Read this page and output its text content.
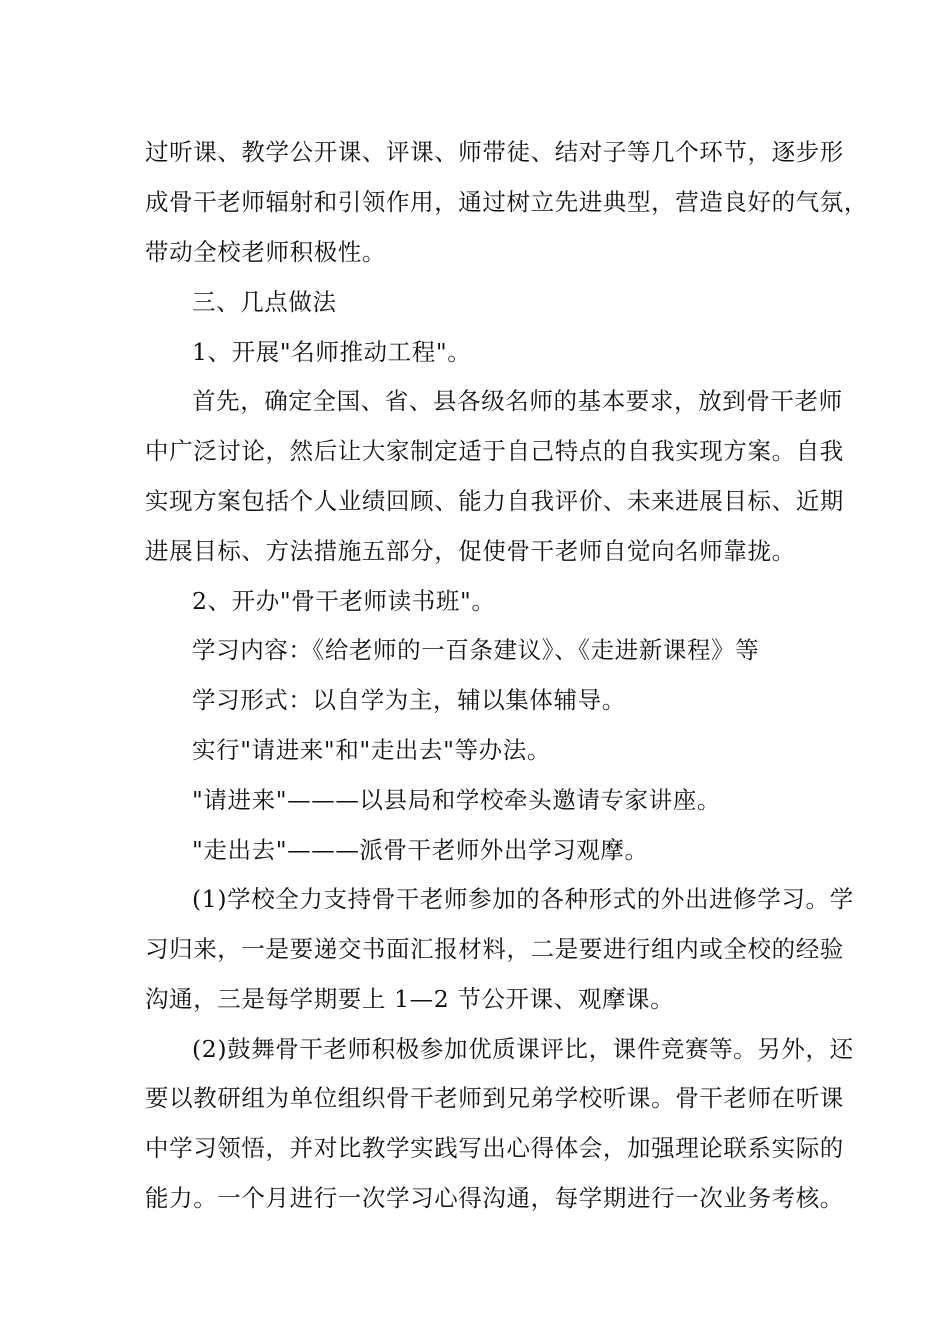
过听课、教学公开课、评课、师带徒、结对子等几个环节，逐步形
成骨干老师辐射和引领作用，通过树立先进典型，营造良好的气氛，
带动全校老师积极性。
三、几点做法
1、开展"名师推动工程"。
首先，确定全国、省、县各级名师的基本要求，放到骨干老师
中广泛讨论，然后让大家制定适于自己特点的自我实现方案。自我
实现方案包括个人业绩回顾、能力自我评价、未来进展目标、近期
进展目标、方法措施五部分，促使骨干老师自觉向名师靠拢。
2、开办"骨干老师读书班"。
学习内容：《给老师的一百条建议》、《走进新课程》等
学习形式：以自学为主，辅以集体辅导。
实行"请进来"和"走出去"等办法。
"请进来"———以县局和学校牵头邀请专家讲座。
"走出去"———派骨干老师外出学习观摩。
(1)学校全力支持骨干老师参加的各种形式的外出进修学习。学
习归来，一是要递交书面汇报材料，二是要进行组内或全校的经验
沟通，三是每学期要上 1—2 节公开课、观摩课。
(2)鼓舞骨干老师积极参加优质课评比，课件竞赛等。另外，还
要以教研组为单位组织骨干老师到兄弟学校听课。骨干老师在听课
中学习领悟，并对比教学实践写出心得体会，加强理论联系实际的
能力。一个月进行一次学习心得沟通，每学期进行一次业务考核。
